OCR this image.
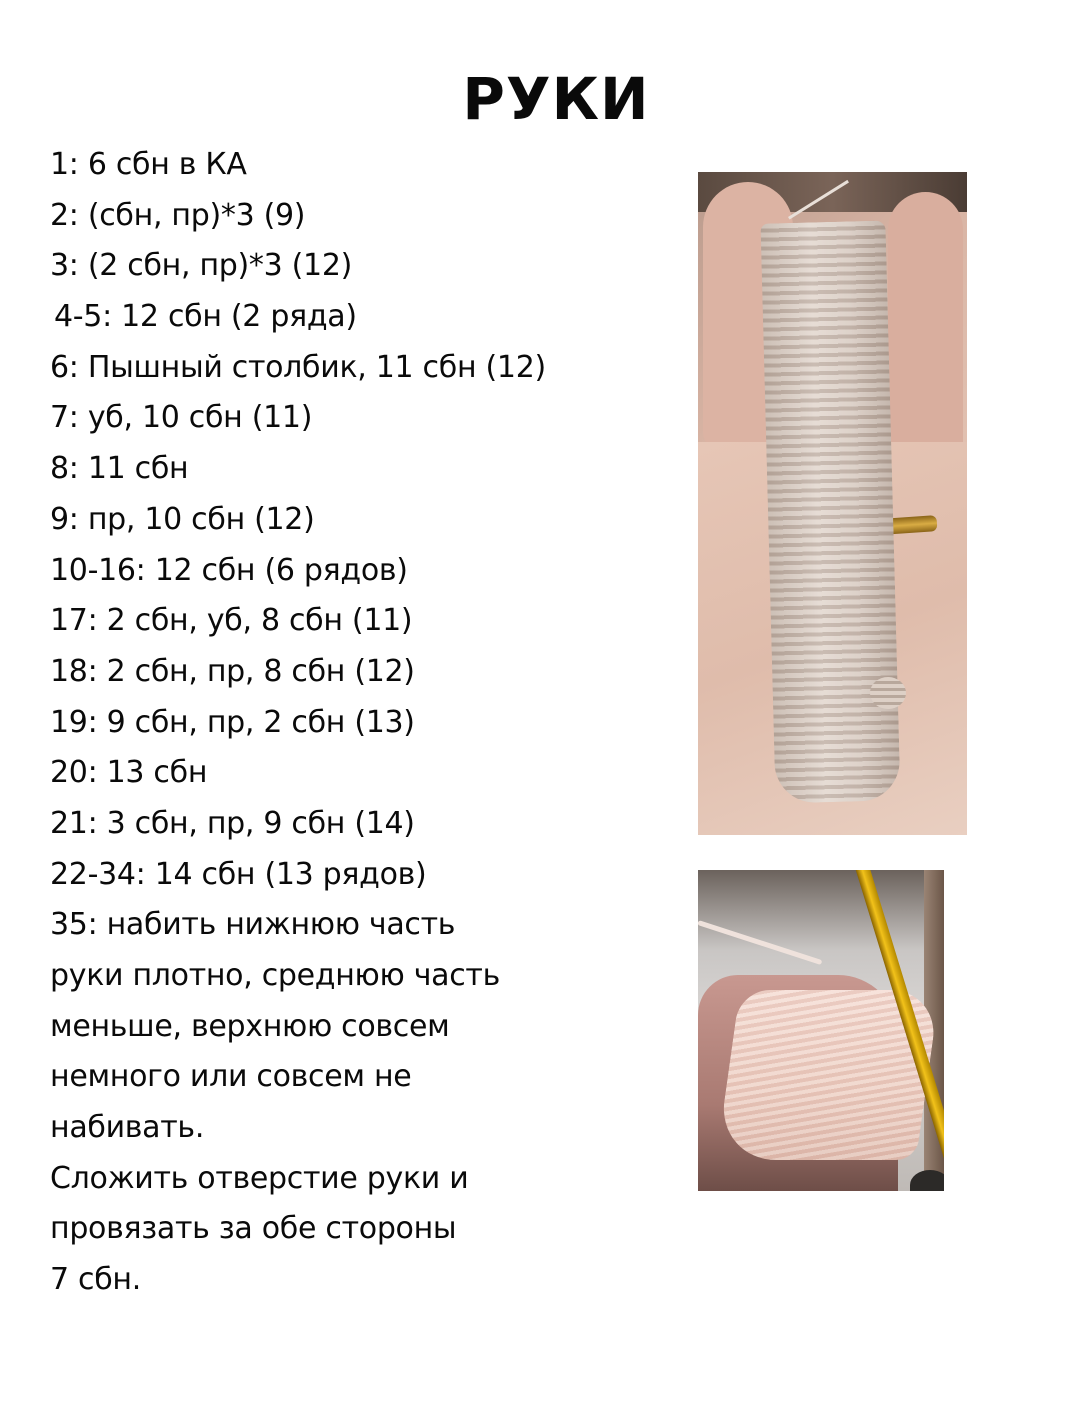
РУКИ
1: 6 сбн в КА
2: (сбн, пр)*3 (9)
3: (2 сбн, пр)*3 (12)
4-5: 12 сбн (2 ряда)
6: Пышный столбик, 11 сбн (12)
7: уб, 10 сбн (11)
8: 11 сбн
9: пр, 10 сбн (12)
10-16: 12 сбн (6 рядов)
17: 2 сбн, уб, 8 сбн (11)
18: 2 сбн, пр, 8 сбн (12)
19: 9 сбн, пр, 2 сбн (13)
20: 13 сбн
21: 3 сбн, пр, 9 сбн (14)
22-34: 14 сбн (13 рядов)
35: набить нижнюю часть
руки плотно, среднюю часть
меньше, верхнюю совсем
немного или совсем не
набивать.
Сложить отверстие руки и
провязать за обе стороны
7 сбн.
